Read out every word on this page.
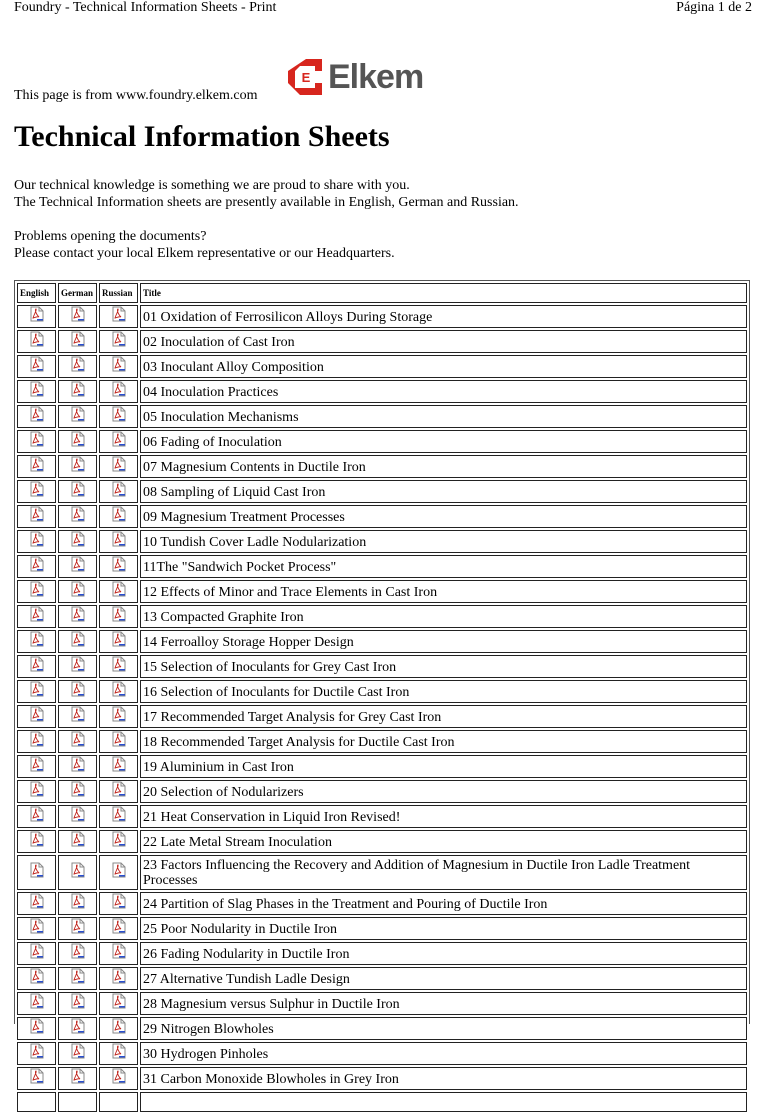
Foundry - Technical Information Sheets - Print	Página 1 de 2
This page is from www.foundry.elkem.com
E Elkem
Technical Information Sheets

Our technical knowledge is something we are proud to share with you.
The Technical Information sheets are presently available in English, German and Russian.

Problems opening the documents?
Please contact your local Elkem representative or our Headquarters.

English	German	Russian	Title
			01 Oxidation of Ferrosilicon Alloys During Storage
			02 Inoculation of Cast Iron
			03 Inoculant Alloy Composition
			04 Inoculation Practices
			05 Inoculation Mechanisms
			06 Fading of Inoculation
			07 Magnesium Contents in Ductile Iron
			08 Sampling of Liquid Cast Iron
			09 Magnesium Treatment Processes
			10 Tundish Cover Ladle Nodularization
			11The "Sandwich Pocket Process"
			12 Effects of Minor and Trace Elements in Cast Iron
			13 Compacted Graphite Iron
			14 Ferroalloy Storage Hopper Design
			15 Selection of Inoculants for Grey Cast Iron
			16 Selection of Inoculants for Ductile Cast Iron
			17 Recommended Target Analysis for Grey Cast Iron
			18 Recommended Target Analysis for Ductile Cast Iron
			19 Aluminium in Cast Iron
			20 Selection of Nodularizers
			21 Heat Conservation in Liquid Iron Revised!
			22 Late Metal Stream Inoculation
			23 Factors Influencing the Recovery and Addition of Magnesium in Ductile Iron Ladle Treatment Processes
			24 Partition of Slag Phases in the Treatment and Pouring of Ductile Iron
			25 Poor Nodularity in Ductile Iron
			26 Fading Nodularity in Ductile Iron
			27 Alternative Tundish Ladle Design
			28 Magnesium versus Sulphur in Ductile Iron
			29 Nitrogen Blowholes
			30 Hydrogen Pinholes
			31 Carbon Monoxide Blowholes in Grey Iron
